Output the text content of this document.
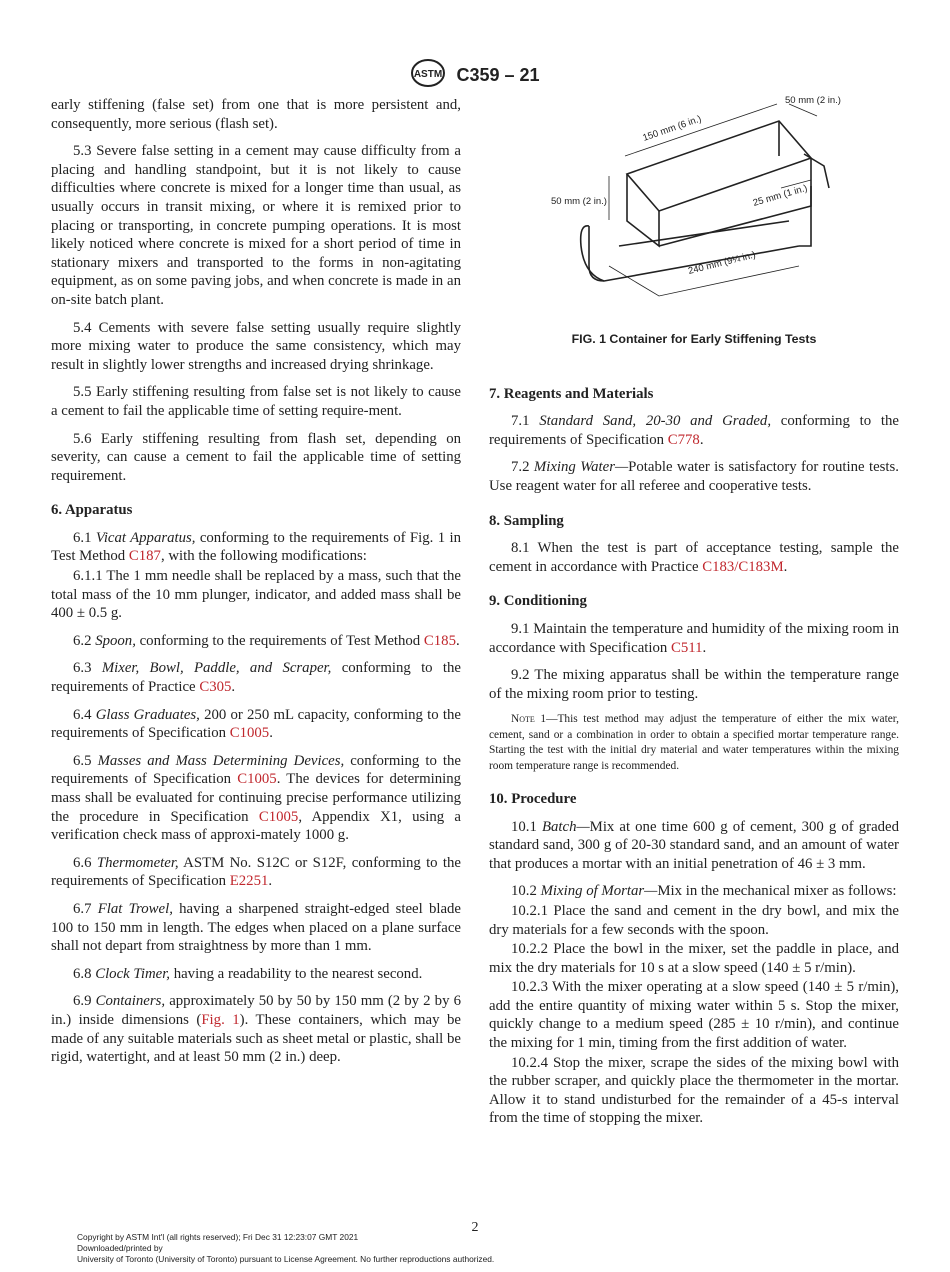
ASTM C359 – 21

early stiffening (false set) from one that is more persistent and, consequently, more serious (flash set).

5.3 Severe false setting in a cement may cause difficulty from a placing and handling standpoint, but it is not likely to cause difficulties where concrete is mixed for a longer time than usual, as usually occurs in transit mixing, or where it is remixed prior to placing or transporting, in concrete pumping operations. It is most likely noticed where concrete is mixed for a short period of time in stationary mixers and transported to the forms in non-agitating equipment, as on some paving jobs, and when concrete is made in an on-site batch plant.

5.4 Cements with severe false setting usually require slightly more mixing water to produce the same consistency, which may result in slightly lower strengths and increased drying shrinkage.

5.5 Early stiffening resulting from false set is not likely to cause a cement to fail the applicable time of setting require-ment.

5.6 Early stiffening resulting from flash set, depending on severity, can cause a cement to fail the applicable time of setting requirement.

6. Apparatus

6.1 Vicat Apparatus, conforming to the requirements of Fig. 1 in Test Method C187, with the following modifications:

6.1.1 The 1 mm needle shall be replaced by a mass, such that the total mass of the 10 mm plunger, indicator, and added mass shall be 400 ± 0.5 g.

6.2 Spoon, conforming to the requirements of Test Method C185.

6.3 Mixer, Bowl, Paddle, and Scraper, conforming to the requirements of Practice C305.

6.4 Glass Graduates, 200 or 250 mL capacity, conforming to the requirements of Specification C1005.

6.5 Masses and Mass Determining Devices, conforming to the requirements of Specification C1005. The devices for determining mass shall be evaluated for continuing precise performance utilizing the procedure in Specification C1005, Appendix X1, using a verification check mass of approxi-mately 1000 g.

6.6 Thermometer, ASTM No. S12C or S12F, conforming to the requirements of Specification E2251.

6.7 Flat Trowel, having a sharpened straight-edged steel blade 100 to 150 mm in length. The edges when placed on a plane surface shall not depart from straightness by more than 1 mm.

6.8 Clock Timer, having a readability to the nearest second.

6.9 Containers, approximately 50 by 50 by 150 mm (2 by 2 by 6 in.) inside dimensions (Fig. 1). These containers, which may be made of any suitable materials such as sheet metal or plastic, shall be rigid, watertight, and at least 50 mm (2 in.) deep.

150 mm (6 in.)
50 mm (2 in.)
50 mm (2 in.)	25 mm (1 in.)
240 mm (9¼ in.)
FIG. 1 Container for Early Stiffening Tests
7. Reagents and Materials

7.1 Standard Sand, 20-30 and Graded, conforming to the requirements of Specification C778.

7.2 Mixing Water—Potable water is satisfactory for routine tests. Use reagent water for all referee and cooperative tests.

8. Sampling

8.1 When the test is part of acceptance testing, sample the cement in accordance with Practice C183/C183M.

9. Conditioning

9.1 Maintain the temperature and humidity of the mixing room in accordance with Specification C511.

9.2 The mixing apparatus shall be within the temperature range of the mixing room prior to testing.

Note 1—This test method may adjust the temperature of either the mix water, cement, sand or a combination in order to obtain a specified mortar temperature range. Starting the test with the initial dry material and water temperatures within the mixing room temperature range is recommended.

10. Procedure

10.1 Batch—Mix at one time 600 g of cement, 300 g of graded standard sand, 300 g of 20-30 standard sand, and an amount of water that produces a mortar with an initial penetration of 46 ± 3 mm.

10.2 Mixing of Mortar—Mix in the mechanical mixer as follows:

10.2.1 Place the sand and cement in the dry bowl, and mix the dry materials for a few seconds with the spoon.

10.2.2 Place the bowl in the mixer, set the paddle in place, and mix the dry materials for 10 s at a slow speed (140 ± 5 r/min).

10.2.3 With the mixer operating at a slow speed (140 ± 5 r/min), add the entire quantity of mixing water within 5 s. Stop the mixer, quickly change to a medium speed (285 ± 10 r/min), and continue the mixing for 1 min, timing from the first addition of water.

10.2.4 Stop the mixer, scrape the sides of the mixing bowl with the rubber scraper, and quickly place the thermometer in the mortar. Allow it to stand undisturbed for the remainder of a 45-s interval from the time of stopping the mixer.

2
Copyright by ASTM Int'l (all rights reserved); Fri Dec 31 12:23:07 GMT 2021
Downloaded/printed by
University of Toronto (University of Toronto) pursuant to License Agreement. No further reproductions authorized.
